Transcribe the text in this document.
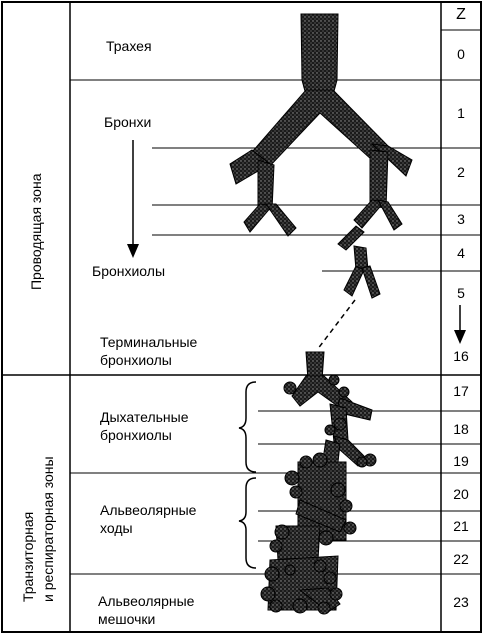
Проводящая зона
Транзиторная и респираторная зоны
Трахея
Бронхи
Бронхиолы
Терминальные
бронхиолы
Дыхательные
бронхиолы
Альвеолярные
ходы
Альвеолярные
мешочки
Z
0
1
2
3
4
5
16
17
18
19
20
21
22
23
